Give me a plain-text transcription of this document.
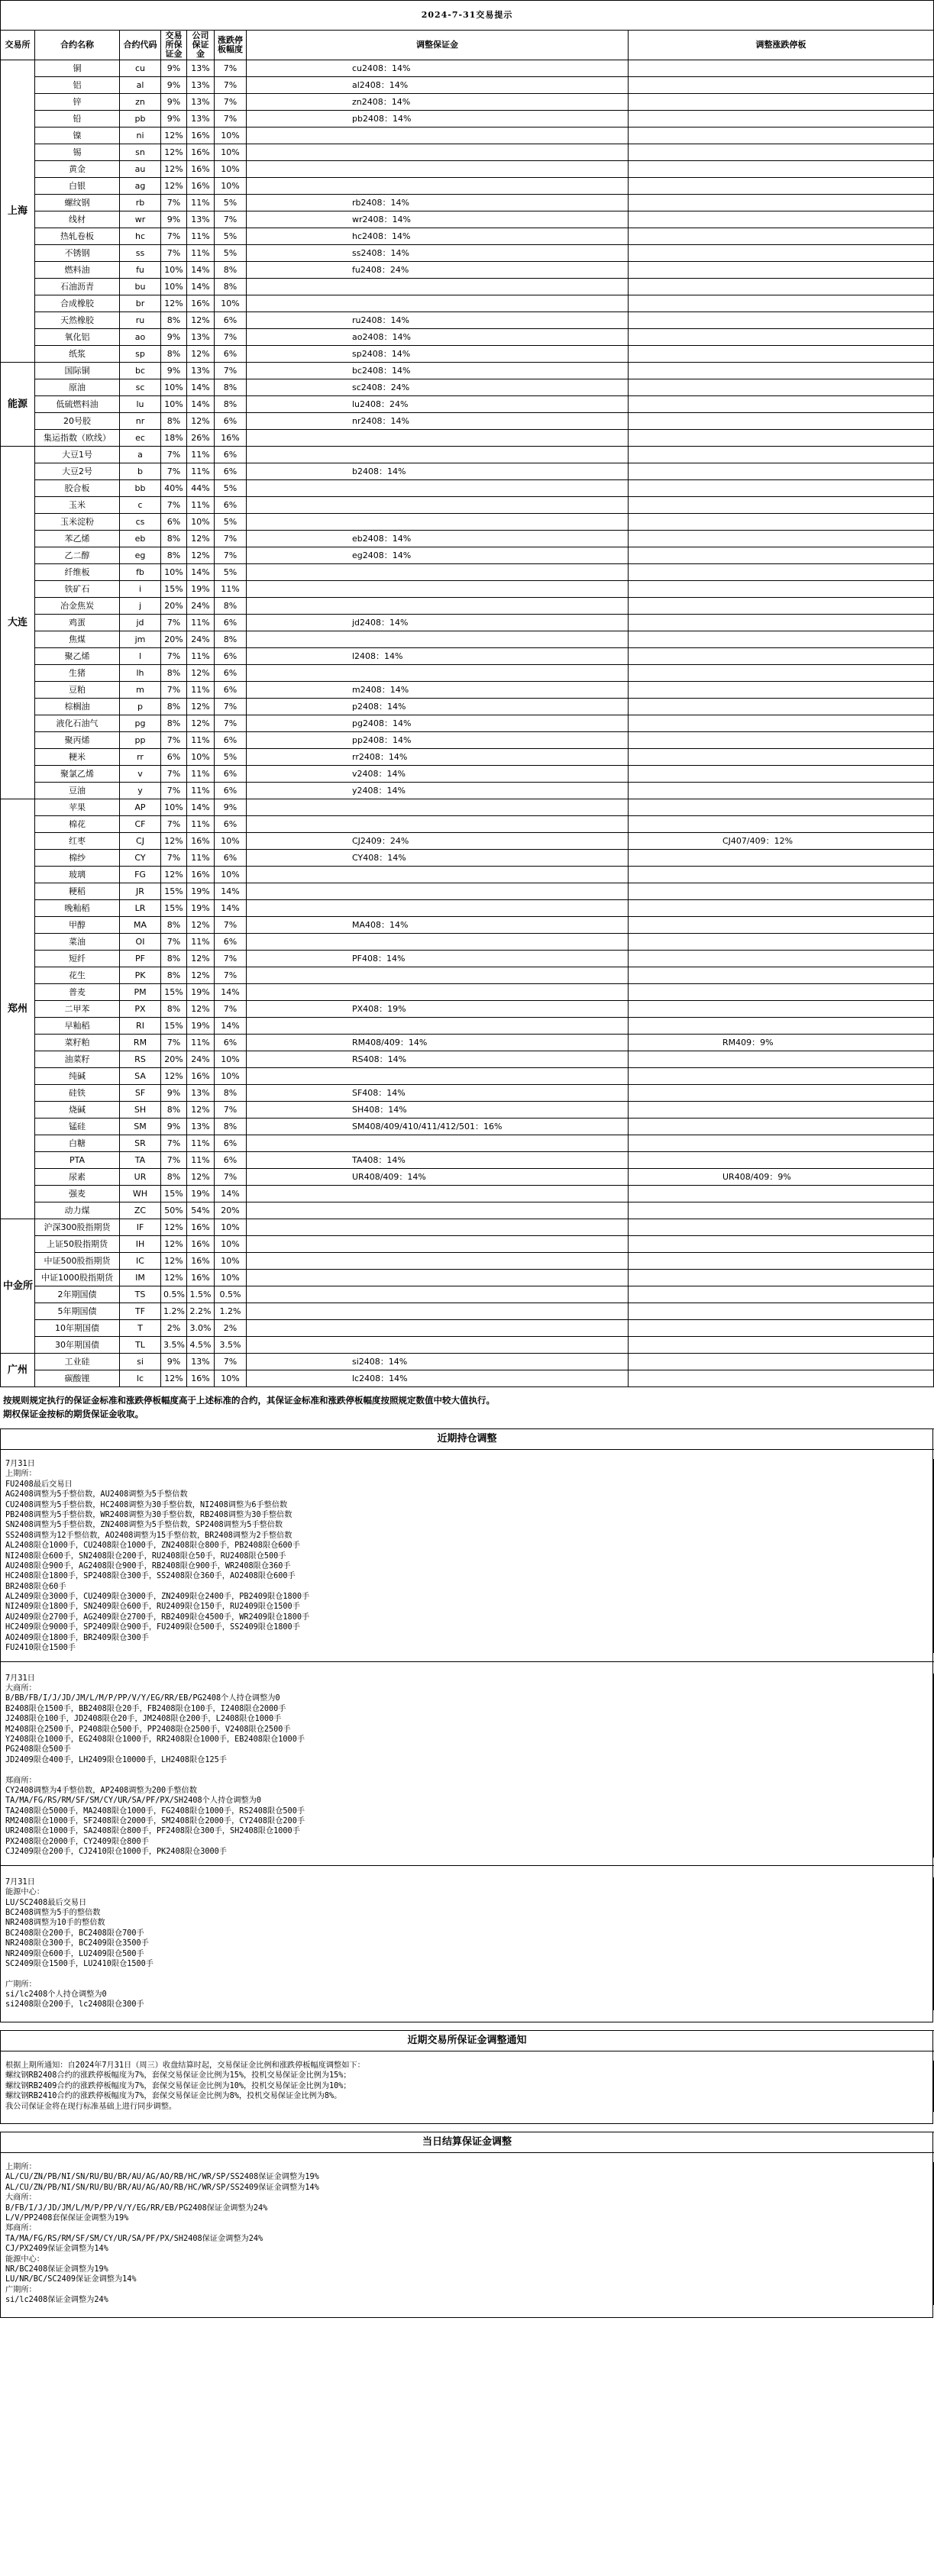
2024-7-31交易提示							
交易所	合约名称	合约代码	交易所保证金	公司保证金	涨跌停板幅度	调整保证金	调整涨跌停板
上海	铜	cu	9%	13%	7%	cu2408：14%	
	铝	al	9%	13%	7%	al2408：14%	
	锌	zn	9%	13%	7%	zn2408：14%	
	铅	pb	9%	13%	7%	pb2408：14%	
	镍	ni	12%	16%	10%		
	锡	sn	12%	16%	10%		
	黄金	au	12%	16%	10%		
	白银	ag	12%	16%	10%		
	螺纹钢	rb	7%	11%	5%	rb2408：14%	
	线材	wr	9%	13%	7%	wr2408：14%	
	热轧卷板	hc	7%	11%	5%	hc2408：14%	
	不锈钢	ss	7%	11%	5%	ss2408：14%	
	燃料油	fu	10%	14%	8%	fu2408：24%	
	石油沥青	bu	10%	14%	8%		
	合成橡胶	br	12%	16%	10%		
	天然橡胶	ru	8%	12%	6%	ru2408：14%	
	氧化铝	ao	9%	13%	7%	ao2408：14%	
	纸浆	sp	8%	12%	6%	sp2408：14%	
能源	国际铜	bc	9%	13%	7%	bc2408：14%	
	原油	sc	10%	14%	8%	sc2408：24%	
	低硫燃料油	lu	10%	14%	8%	lu2408：24%	
	20号胶	nr	8%	12%	6%	nr2408：14%	
	集运指数（欧线）	ec	18%	26%	16%		
大连	大豆1号	a	7%	11%	6%		
	大豆2号	b	7%	11%	6%	b2408：14%	
	胶合板	bb	40%	44%	5%		
	玉米	c	7%	11%	6%		
	玉米淀粉	cs	6%	10%	5%		
	苯乙烯	eb	8%	12%	7%	eb2408：14%	
	乙二醇	eg	8%	12%	7%	eg2408：14%	
	纤维板	fb	10%	14%	5%		
	铁矿石	i	15%	19%	11%		
	冶金焦炭	j	20%	24%	8%		
	鸡蛋	jd	7%	11%	6%	jd2408：14%	
	焦煤	jm	20%	24%	8%		
	聚乙烯	l	7%	11%	6%	l2408：14%	
	生猪	lh	8%	12%	6%		
	豆粕	m	7%	11%	6%	m2408：14%	
	棕榈油	p	8%	12%	7%	p2408：14%	
	液化石油气	pg	8%	12%	7%	pg2408：14%	
	聚丙烯	pp	7%	11%	6%	pp2408：14%	
	粳米	rr	6%	10%	5%	rr2408：14%	
	聚氯乙烯	v	7%	11%	6%	v2408：14%	
	豆油	y	7%	11%	6%	y2408：14%	
郑州	苹果	AP	10%	14%	9%		
	棉花	CF	7%	11%	6%		
	红枣	CJ	12%	16%	10%	CJ2409：24%	CJ407/409：12%
	棉纱	CY	7%	11%	6%	CY408：14%	
	玻璃	FG	12%	16%	10%		
	粳稻	JR	15%	19%	14%		
	晚籼稻	LR	15%	19%	14%		
	甲醇	MA	8%	12%	7%	MA408：14%	
	菜油	OI	7%	11%	6%		
	短纤	PF	8%	12%	7%	PF408：14%	
	花生	PK	8%	12%	7%		
	普麦	PM	15%	19%	14%		
	二甲苯	PX	8%	12%	7%	PX408：19%	
	早籼稻	RI	15%	19%	14%		
	菜籽粕	RM	7%	11%	6%	RM408/409：14%	RM409：9%
	油菜籽	RS	20%	24%	10%	RS408：14%	
	纯碱	SA	12%	16%	10%		
	硅铁	SF	9%	13%	8%	SF408：14%	
	烧碱	SH	8%	12%	7%	SH408：14%	
	锰硅	SM	9%	13%	8%	SM408/409/410/411/412/501：16%	
	白糖	SR	7%	11%	6%		
	PTA	TA	7%	11%	6%	TA408：14%	
	尿素	UR	8%	12%	7%	UR408/409：14%	UR408/409：9%
	强麦	WH	15%	19%	14%		
	动力煤	ZC	50%	54%	20%		
中金所	沪深300股指期货	IF	12%	16%	10%		
	上证50股指期货	IH	12%	16%	10%		
	中证500股指期货	IC	12%	16%	10%		
	中证1000股指期货	IM	12%	16%	10%		
	2年期国债	TS	0.5%	1.5%	0.5%		
	5年期国债	TF	1.2%	2.2%	1.2%		
	10年期国债	T	2%	3.0%	2%		
	30年期国债	TL	3.5%	4.5%	3.5%		
广州	工业硅	si	9%	13%	7%	si2408：14%	
	碳酸锂	lc	12%	16%	10%	lc2408：14%	
按规则规定执行的保证金标准和涨跌停板幅度高于上述标准的合约，其保证金标准和涨跌停板幅度按照规定数值中较大值执行。
期权保证金按标的期货保证金收取。
近期持仓调整
7月31日
上期所：
FU2408最后交易日
AG2408调整为5手整倍数，AU2408调整为5手整倍数
CU2408调整为5手整倍数，HC2408调整为30手整倍数，NI2408调整为6手整倍数
PB2408调整为5手整倍数，WR2408调整为30手整倍数，RB2408调整为30手整倍数
SN2408调整为5手整倍数，ZN2408调整为5手整倍数，SP2408调整为5手整倍数
SS2408调整为12手整倍数，AO2408调整为15手整倍数，BR2408调整为2手整倍数
AL2408限仓1000手，CU2408限仓1000手，ZN2408限仓800手，PB2408限仓600手
NI2408限仓600手，SN2408限仓200手，RU2408限仓50手，RU2408限仓500手
AU2408限仓900手，AG2408限仓900手，RB2408限仓900手，WR2408限仓360手
HC2408限仓1800手，SP2408限仓300手，SS2408限仓360手，AO2408限仓600手
BR2408限仓60手
AL2409限仓3000手，CU2409限仓3000手，ZN2409限仓2400手，PB2409限仓1800手
NI2409限仓1800手，SN2409限仓600手，RU2409限仓150手，RU2409限仓1500手
AU2409限仓2700手，AG2409限仓2700手，RB2409限仓4500手，WR2409限仓1800手
HC2409限仓9000手，SP2409限仓900手，FU2409限仓500手，SS2409限仓1800手
AO2409限仓1800手，BR2409限仓300手
FU2410限仓1500手
7月31日
大商所：
B/BB/FB/I/J/JD/JM/L/M/P/PP/V/Y/EG/RR/EB/PG2408个人持仓调整为0
B2408限仓1500手，BB2408限仓20手，FB2408限仓100手，I2408限仓2000手
J2408限仓100手，JD2408限仓20手，JM2408限仓200手，L2408限仓1000手
M2408限仓2500手，P2408限仓500手，PP2408限仓2500手，V2408限仓2500手
Y2408限仓1000手，EG2408限仓1000手，RR2408限仓1000手，EB2408限仓1000手
PG2408限仓500手
JD2409限仓400手，LH2409限仓10000手，LH2408限仓125手
郑商所：
CY2408调整为4手整倍数，AP2408调整为200手整倍数
TA/MA/FG/RS/RM/SF/SM/CY/UR/SA/PF/PX/SH2408个人持仓调整为0
TA2408限仓5000手，MA2408限仓1000手，FG2408限仓1000手，RS2408限仓500手
RM2408限仓1000手，SF2408限仓2000手，SM2408限仓2000手，CY2408限仓200手
UR2408限仓1000手，SA2408限仓800手，PF2408限仓300手，SH2408限仓1000手
PX2408限仓2000手，CY2409限仓800手
CJ2409限仓200手，CJ2410限仓1000手，PK2408限仓3000手
7月31日
能源中心：
LU/SC2408最后交易日
BC2408调整为5手的整倍数
NR2408调整为10手的整倍数
BC2408限仓200手，BC2408限仓700手
NR2408限仓300手，BC2409限仓3500手
NR2409限仓600手，LU2409限仓500手
SC2409限仓1500手，LU2410限仓1500手
广期所：
si/lc2408个人持仓调整为0
si2408限仓200手，lc2408限仓300手
近期交易所保证金调整通知
根据上期所通知：自2024年7月31日（周三）收盘结算时起，交易保证金比例和涨跌停板幅度调整如下：
螺纹钢RB2408合约的涨跌停板幅度为7%，套保交易保证金比例为15%，投机交易保证金比例为15%；
螺纹钢RB2409合约的涨跌停板幅度为7%，套保交易保证金比例为10%，投机交易保证金比例为10%；
螺纹钢RB2410合约的涨跌停板幅度为7%，套保交易保证金比例为8%，投机交易保证金比例为8%。
我公司保证金将在现行标准基础上进行同步调整。
当日结算保证金调整
上期所：
AL/CU/ZN/PB/NI/SN/RU/BU/BR/AU/AG/AO/RB/HC/WR/SP/SS2408保证金调整为19%
AL/CU/ZN/PB/NI/SN/RU/BU/BR/AU/AG/AO/RB/HC/WR/SP/SS2409保证金调整为14%
大商所：
B/FB/I/J/JD/JM/L/M/P/PP/V/Y/EG/RR/EB/PG2408保证金调整为24%
L/V/PP2408套保保证金调整为19%
郑商所：
TA/MA/FG/RS/RM/SF/SM/CY/UR/SA/PF/PX/SH2408保证金调整为24%
CJ/PX2409保证金调整为14%
能源中心：
NR/BC2408保证金调整为19%
LU/NR/BC/SC2409保证金调整为14%
广期所：
si/lc2408保证金调整为24%
